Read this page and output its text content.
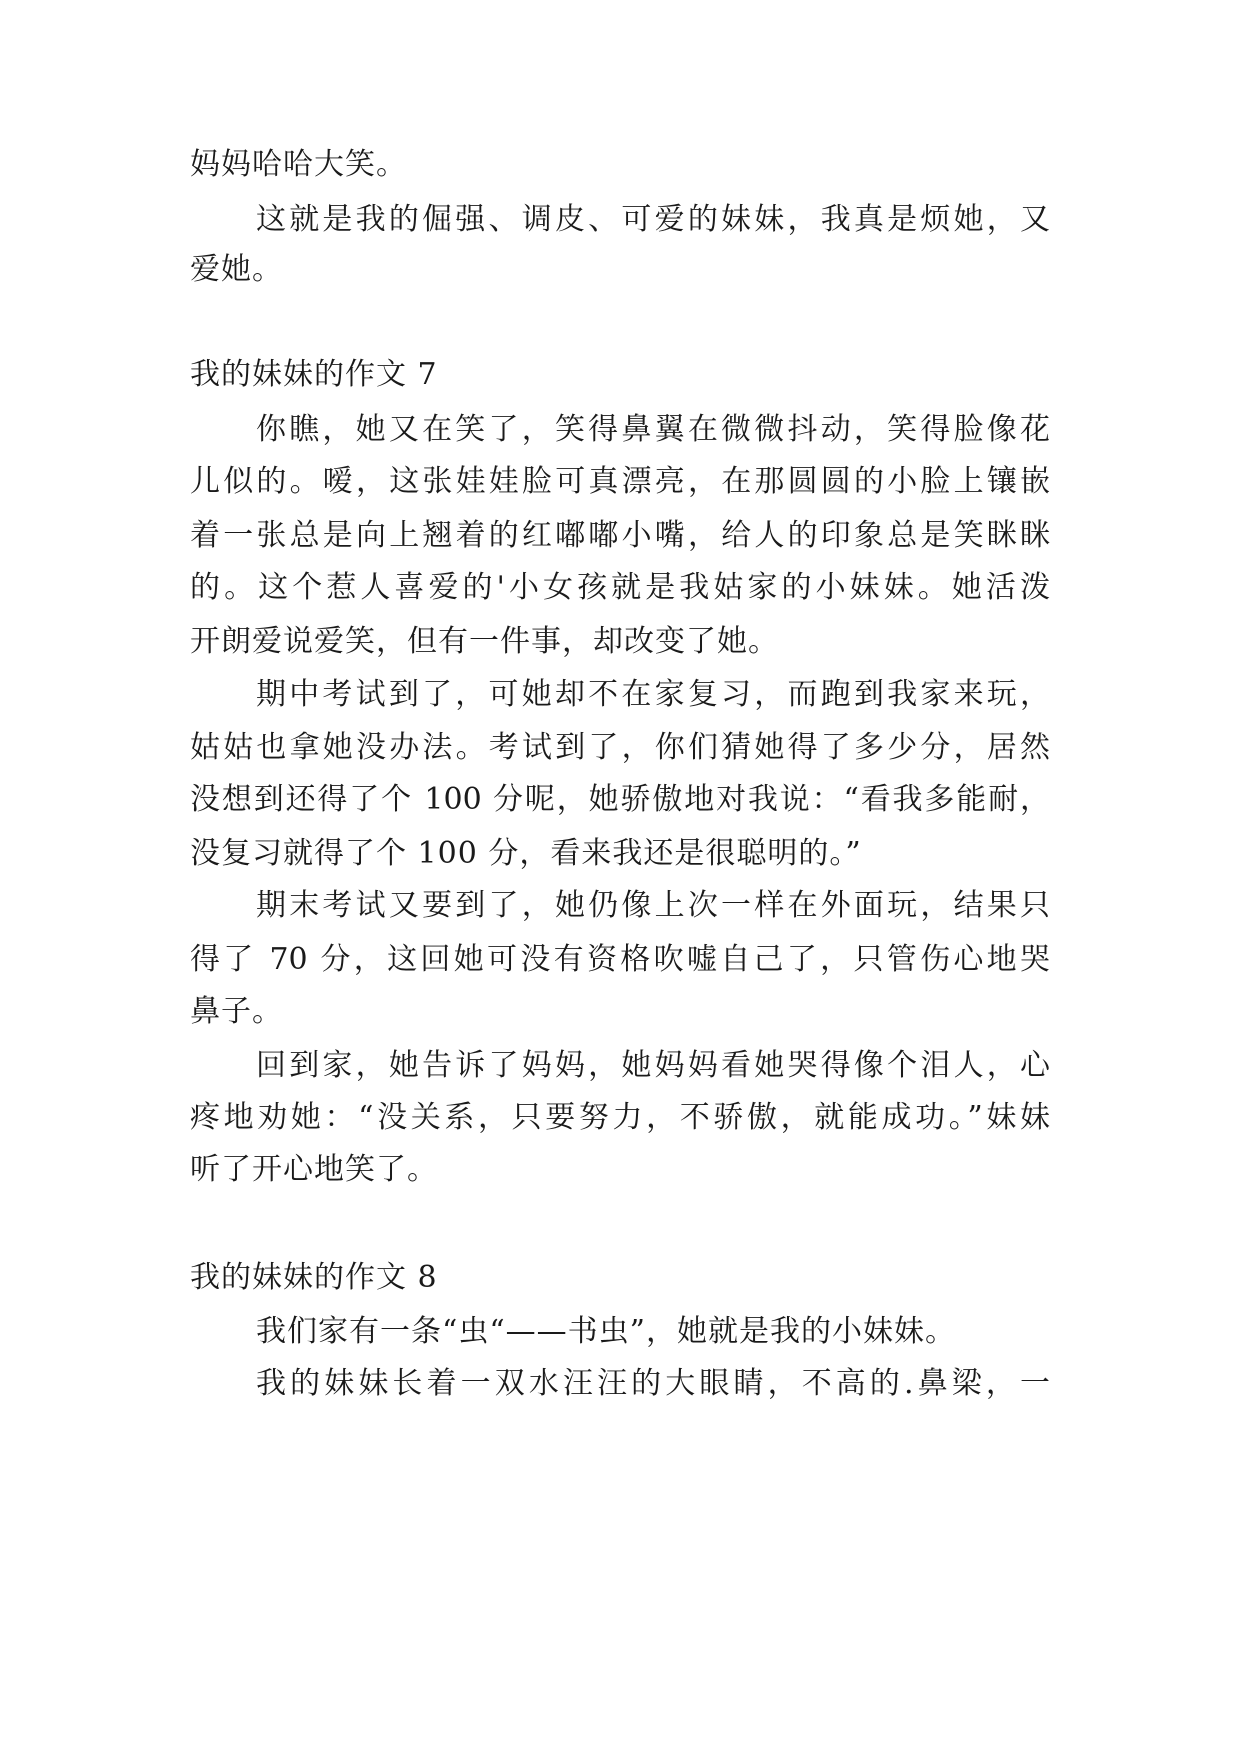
妈妈哈哈大笑。
这就是我的倔强、调皮、可爱的妹妹，我真是烦她，又
爱她。
我的妹妹的作文 7
你瞧，她又在笑了，笑得鼻翼在微微抖动，笑得脸像花
儿似的。嗳，这张娃娃脸可真漂亮，在那圆圆的小脸上镶嵌
着一张总是向上翘着的红嘟嘟小嘴，给人的印象总是笑眯眯
的。这个惹人喜爱的'小女孩就是我姑家的小妹妹。她活泼
开朗爱说爱笑，但有一件事，却改变了她。
期中考试到了，可她却不在家复习，而跑到我家来玩，
姑姑也拿她没办法。考试到了，你们猜她得了多少分，居然
没想到还得了个 100 分呢，她骄傲地对我说：“看我多能耐，
没复习就得了个 100 分，看来我还是很聪明的。”
期末考试又要到了，她仍像上次一样在外面玩，结果只
得了 70 分，这回她可没有资格吹嘘自己了，只管伤心地哭
鼻子。
回到家，她告诉了妈妈，她妈妈看她哭得像个泪人，心
疼地劝她：“没关系，只要努力，不骄傲，就能成功。”妹妹
听了开心地笑了。
我的妹妹的作文 8
我们家有一条“虫“——书虫”，她就是我的小妹妹。
我的妹妹长着一双水汪汪的大眼睛，不高的.鼻梁，一
